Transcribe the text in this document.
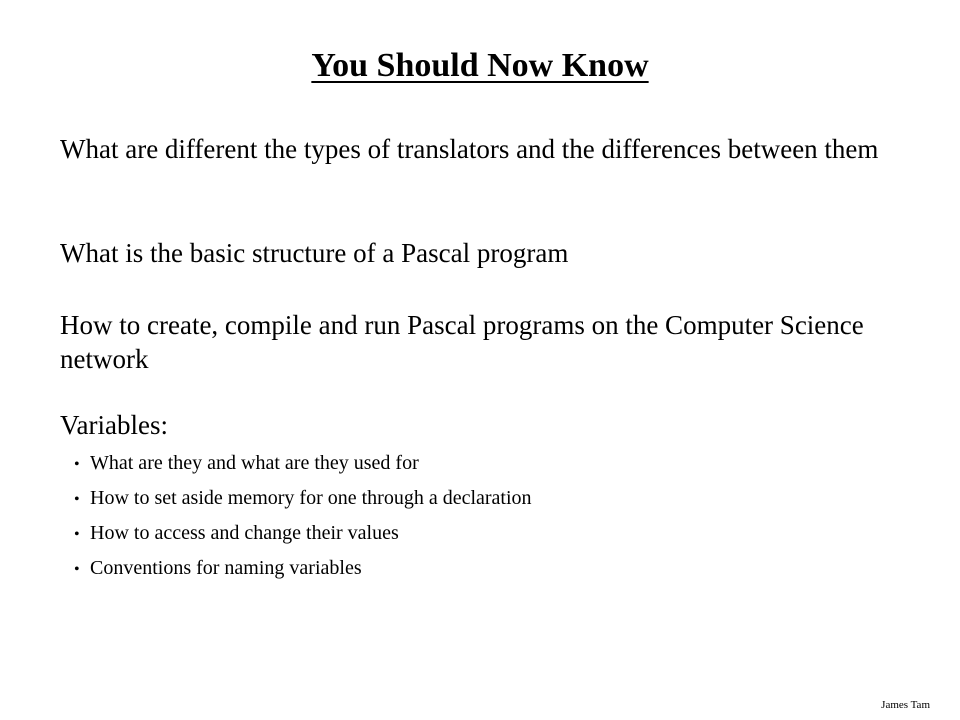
You Should Now Know
What are different the types of translators and the differences between them
What is the basic structure of a Pascal program
How to create, compile and run Pascal programs on the Computer Science network
Variables:
• What are they and what are they used for
• How to set aside memory for one through a declaration
• How to access and change their values
• Conventions for naming variables
James Tam
